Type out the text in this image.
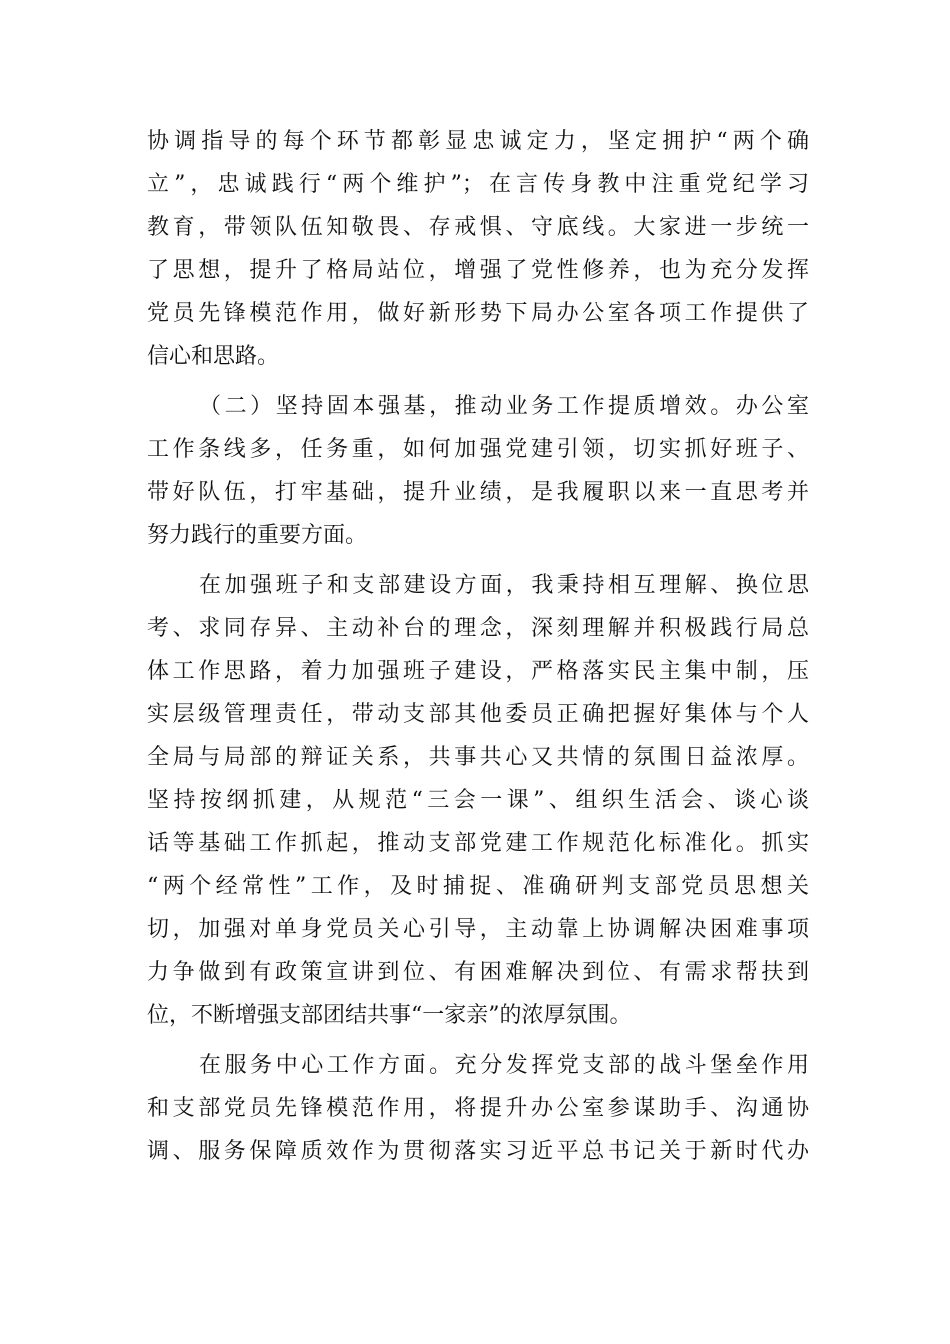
协调指导的每个环节都彰显忠诚定力，坚定拥护“两个确
立”，忠诚践行“两个维护”；在言传身教中注重党纪学习
教育，带领队伍知敬畏、存戒惧、守底线。大家进一步统一
了思想，提升了格局站位，增强了党性修养，也为充分发挥
党员先锋模范作用，做好新形势下局办公室各项工作提供了
信心和思路。
（二）坚持固本强基，推动业务工作提质增效。办公室
工作条线多，任务重，如何加强党建引领，切实抓好班子、
带好队伍，打牢基础，提升业绩，是我履职以来一直思考并
努力践行的重要方面。
在加强班子和支部建设方面，我秉持相互理解、换位思
考、求同存异、主动补台的理念，深刻理解并积极践行局总
体工作思路，着力加强班子建设，严格落实民主集中制，压
实层级管理责任，带动支部其他委员正确把握好集体与个人
全局与局部的辩证关系，共事共心又共情的氛围日益浓厚。
坚持按纲抓建，从规范“三会一课”、组织生活会、谈心谈
话等基础工作抓起，推动支部党建工作规范化标准化。抓实
“两个经常性”工作，及时捕捉、准确研判支部党员思想关
切，加强对单身党员关心引导，主动靠上协调解决困难事项
力争做到有政策宣讲到位、有困难解决到位、有需求帮扶到
位，不断增强支部团结共事“一家亲”的浓厚氛围。
在服务中心工作方面。充分发挥党支部的战斗堡垒作用
和支部党员先锋模范作用，将提升办公室参谋助手、沟通协
调、服务保障质效作为贯彻落实习近平总书记关于新时代办
